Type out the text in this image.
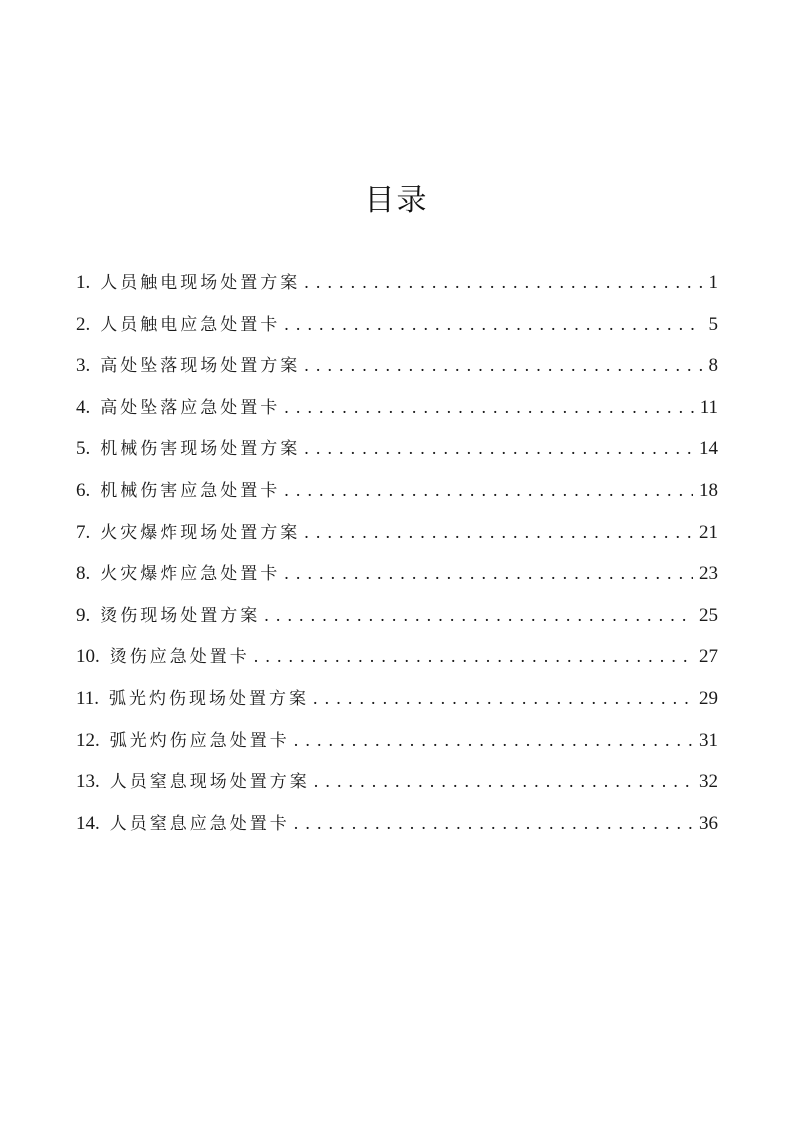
目录
1. 人员触电现场处置方案 . . .	1
2. 人员触电应急处置卡 . . .	5
3. 高处坠落现场处置方案 . . .	8
4. 高处坠落应急处置卡 . . .	11
5. 机械伤害现场处置方案 . . .	14
6. 机械伤害应急处置卡 . . .	18
7. 火灾爆炸现场处置方案 . . .	21
8. 火灾爆炸应急处置卡 . . .	23
9. 烫伤现场处置方案 . . .	25
10. 烫伤应急处置卡 . . .	27
11. 弧光灼伤现场处置方案 . . .	29
12. 弧光灼伤应急处置卡 . . .	31
13. 人员窒息现场处置方案 . . .	32
14. 人员窒息应急处置卡 . . .	36
